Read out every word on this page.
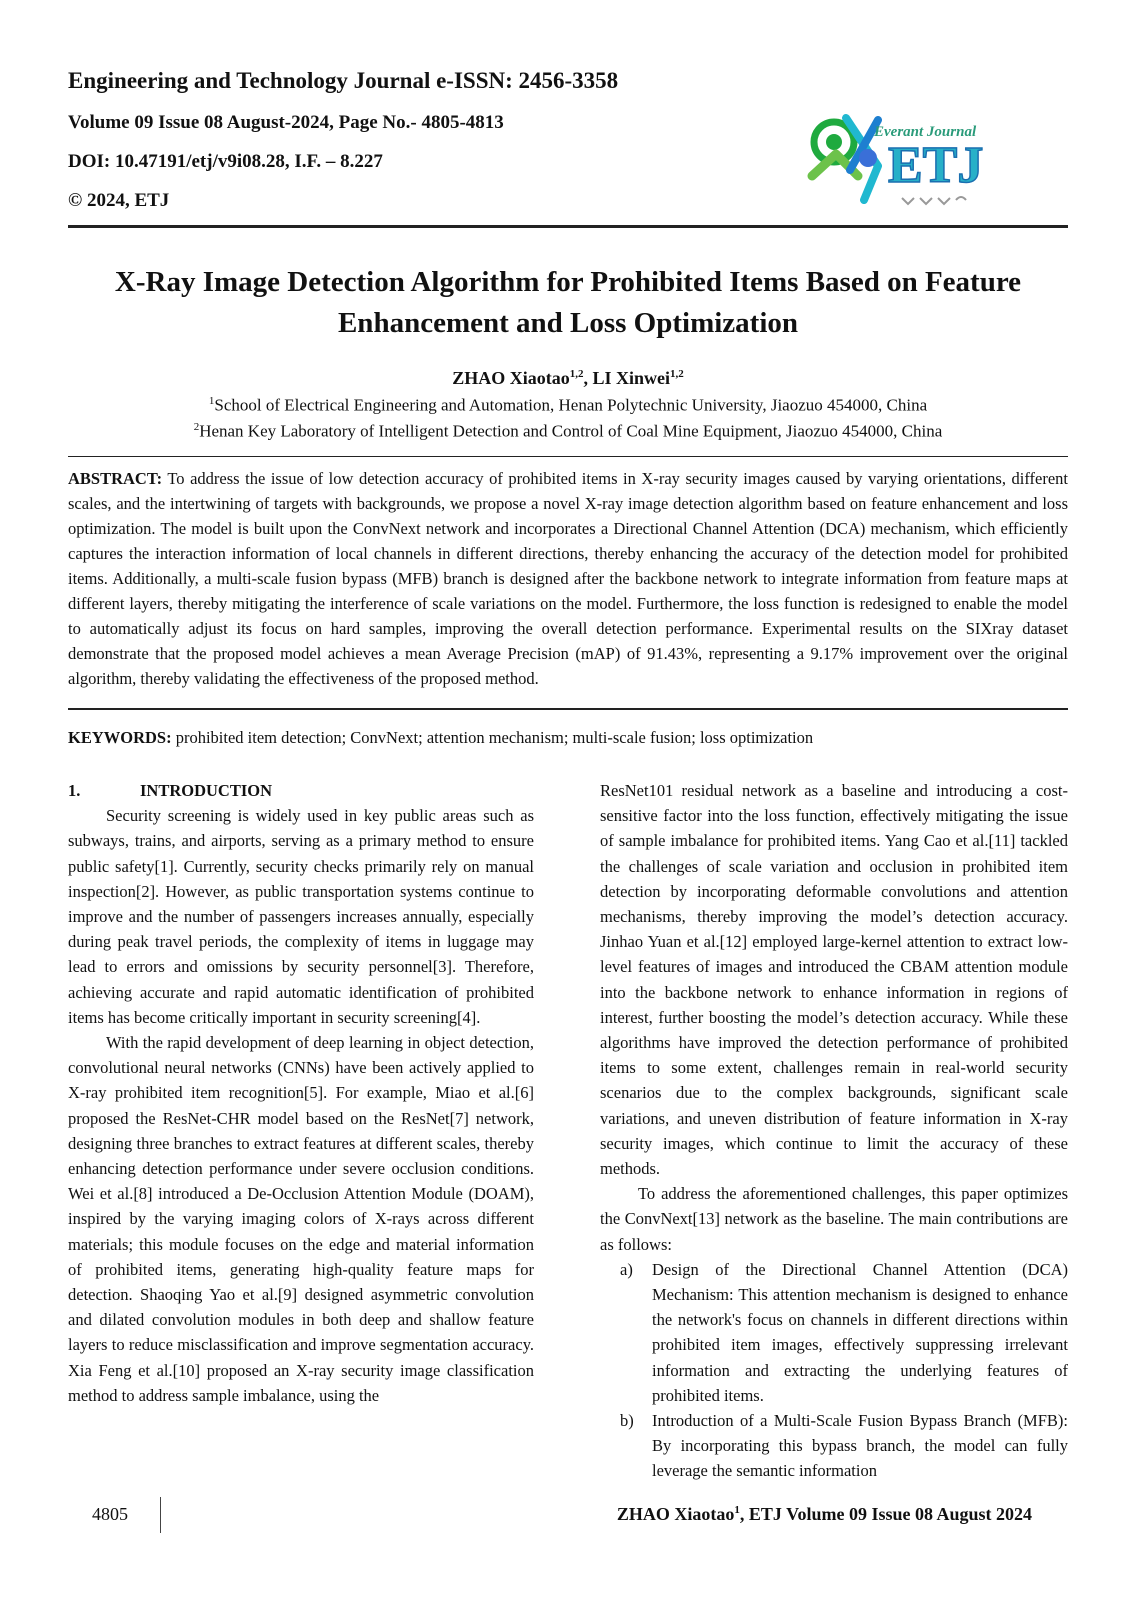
Engineering and Technology Journal e-ISSN: 2456-3358
Volume 09 Issue 08 August-2024, Page No.- 4805-4813
DOI: 10.47191/etj/v9i08.28, I.F. – 8.227
© 2024, ETJ
Everant Journal
ETJ
X-Ray Image Detection Algorithm for Prohibited Items Based on Feature Enhancement and Loss Optimization
ZHAO Xiaotao$^{1,2}$, LI Xinwei$^{1,2}$
$^1$School of Electrical Engineering and Automation, Henan Polytechnic University, Jiaozuo 454000, China
$^2$Henan Key Laboratory of Intelligent Detection and Control of Coal Mine Equipment, Jiaozuo 454000, China
ABSTRACT: To address the issue of low detection accuracy of prohibited items in X-ray security images caused by varying orientations, different scales, and the intertwining of targets with backgrounds, we propose a novel X-ray image detection algorithm based on feature enhancement and loss optimization. The model is built upon the ConvNext network and incorporates a Directional Channel Attention (DCA) mechanism, which efficiently captures the interaction information of local channels in different directions, thereby enhancing the accuracy of the detection model for prohibited items. Additionally, a multi-scale fusion bypass (MFB) branch is designed after the backbone network to integrate information from feature maps at different layers, thereby mitigating the interference of scale variations on the model. Furthermore, the loss function is redesigned to enable the model to automatically adjust its focus on hard samples, improving the overall detection performance. Experimental results on the SIXray dataset demonstrate that the proposed model achieves a mean Average Precision (mAP) of 91.43%, representing a 9.17% improvement over the original algorithm, thereby validating the effectiveness of the proposed method.
KEYWORDS: prohibited item detection; ConvNext; attention mechanism; multi-scale fusion; loss optimization

1.	INTRODUCTION

Security screening is widely used in key public areas such as subways, trains, and airports, serving as a primary method to ensure public safety[1]. Currently, security checks primarily rely on manual inspection[2]. However, as public transportation systems continue to improve and the number of passengers increases annually, especially during peak travel periods, the complexity of items in luggage may lead to errors and omissions by security personnel[3]. Therefore, achieving accurate and rapid automatic identification of prohibited items has become critically important in security screening[4].

With the rapid development of deep learning in object detection, convolutional neural networks (CNNs) have been actively applied to X-ray prohibited item recognition[5]. For example, Miao et al.[6] proposed the ResNet-CHR model based on the ResNet[7] network, designing three branches to extract features at different scales, thereby enhancing detection performance under severe occlusion conditions. Wei et al.[8] introduced a De-Occlusion Attention Module (DOAM), inspired by the varying imaging colors of X-rays across different materials; this module focuses on the edge and material information of prohibited items, generating high-quality feature maps for detection. Shaoqing Yao et al.[9] designed asymmetric convolution and dilated convolution modules in both deep and shallow feature layers to reduce misclassification and improve segmentation accuracy. Xia Feng et al.[10] proposed an X-ray security image classification method to address sample imbalance, using the

ResNet101 residual network as a baseline and introducing a cost-sensitive factor into the loss function, effectively mitigating the issue of sample imbalance for prohibited items. Yang Cao et al.[11] tackled the challenges of scale variation and occlusion in prohibited item detection by incorporating deformable convolutions and attention mechanisms, thereby improving the model’s detection accuracy. Jinhao Yuan et al.[12] employed large-kernel attention to extract low-level features of images and introduced the CBAM attention module into the backbone network to enhance information in regions of interest, further boosting the model’s detection accuracy. While these algorithms have improved the detection performance of prohibited items to some extent, challenges remain in real-world security scenarios due to the complex backgrounds, significant scale variations, and uneven distribution of feature information in X-ray security images, which continue to limit the accuracy of these methods.

To address the aforementioned challenges, this paper optimizes the ConvNext[13] network as the baseline. The main contributions are as follows:

a)	Design of the Directional Channel Attention (DCA) Mechanism: This attention mechanism is designed to enhance the network's focus on channels in different directions within prohibited item images, effectively suppressing irrelevant information and extracting the underlying features of prohibited items.
b)	Introduction of a Multi-Scale Fusion Bypass Branch (MFB): By incorporating this bypass branch, the model can fully leverage the semantic information
4805	ZHAO Xiaotao$^1$, ETJ Volume 09 Issue 08 August 2024
